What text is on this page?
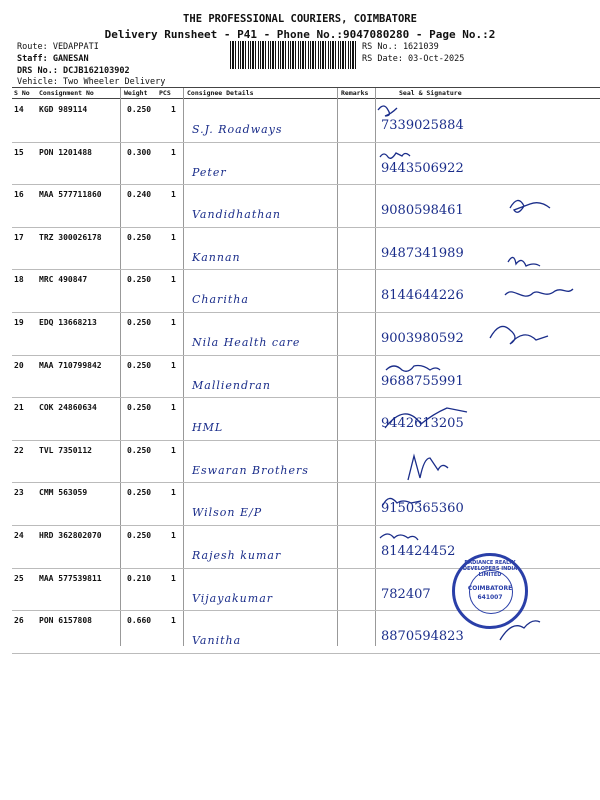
THE PROFESSIONAL COURIERS, COIMBATORE
Delivery Runsheet - P41 - Phone No.:9047080280 - Page No.:2
Route: VEDAPPATI
Staff: GANESAN
DRS No.: DCJB162103902
Vehicle: Two Wheeler Delivery
RS No.: 1621039
RS Date: 03-Oct-2025
S No Consignment No	Weight PCS	Consignee Details	Remarks	Seal & Signature
14 KGD 989114	0.250 1
S.J. Roadways	7339025884
15 PON 1201488	0.300 1
Peter	9443506922
16 MAA 577711860	0.240 1
Vandidhathan	9080598461
17 TRZ 300026178	0.250 1
Kannan	9487341989
18 MRC 490847	0.250 1
Charitha	8144644226
19 EDQ 13668213	0.250 1
Nila Health care	9003980592
20 MAA 710799842	0.250 1
Malliendran	9688755991
21 COK 24860634	0.250 1
HML	9442613205
22 TVL 7350112	0.250 1
Eswaran Brothers
23 CMM 563059	0.250 1
Wilson E/P	9150365360
24 HRD 362802070	0.250 1
Rajesh kumar	814424452
25 MAA 577539811	0.210 1
Vijayakumar	782407
26 PON 6157808	0.660 1
Vanitha	8870594823
RADIANCE REALTY DEVELOPERS INDIA LIMITED
COIMBATORE
641007
